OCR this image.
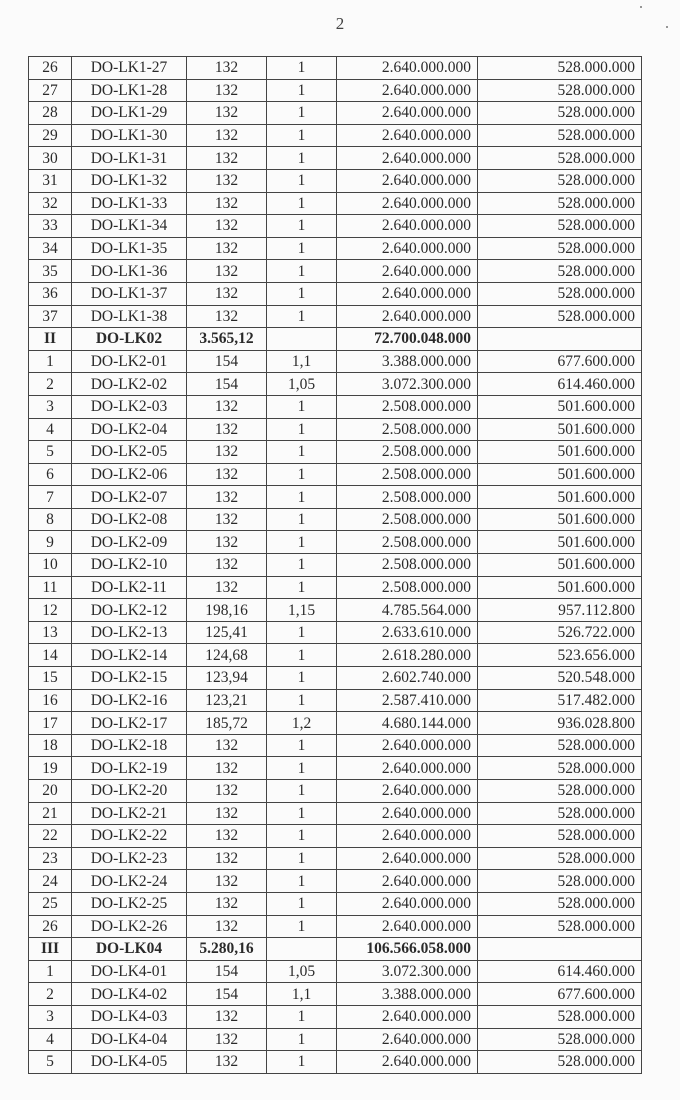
2
26	DO-LK1-27	132	1	2.640.000.000	528.000.000
27	DO-LK1-28	132	1	2.640.000.000	528.000.000
28	DO-LK1-29	132	1	2.640.000.000	528.000.000
29	DO-LK1-30	132	1	2.640.000.000	528.000.000
30	DO-LK1-31	132	1	2.640.000.000	528.000.000
31	DO-LK1-32	132	1	2.640.000.000	528.000.000
32	DO-LK1-33	132	1	2.640.000.000	528.000.000
33	DO-LK1-34	132	1	2.640.000.000	528.000.000
34	DO-LK1-35	132	1	2.640.000.000	528.000.000
35	DO-LK1-36	132	1	2.640.000.000	528.000.000
36	DO-LK1-37	132	1	2.640.000.000	528.000.000
37	DO-LK1-38	132	1	2.640.000.000	528.000.000
II	DO-LK02	3.565,12		72.700.048.000	
1	DO-LK2-01	154	1,1	3.388.000.000	677.600.000
2	DO-LK2-02	154	1,05	3.072.300.000	614.460.000
3	DO-LK2-03	132	1	2.508.000.000	501.600.000
4	DO-LK2-04	132	1	2.508.000.000	501.600.000
5	DO-LK2-05	132	1	2.508.000.000	501.600.000
6	DO-LK2-06	132	1	2.508.000.000	501.600.000
7	DO-LK2-07	132	1	2.508.000.000	501.600.000
8	DO-LK2-08	132	1	2.508.000.000	501.600.000
9	DO-LK2-09	132	1	2.508.000.000	501.600.000
10	DO-LK2-10	132	1	2.508.000.000	501.600.000
11	DO-LK2-11	132	1	2.508.000.000	501.600.000
12	DO-LK2-12	198,16	1,15	4.785.564.000	957.112.800
13	DO-LK2-13	125,41	1	2.633.610.000	526.722.000
14	DO-LK2-14	124,68	1	2.618.280.000	523.656.000
15	DO-LK2-15	123,94	1	2.602.740.000	520.548.000
16	DO-LK2-16	123,21	1	2.587.410.000	517.482.000
17	DO-LK2-17	185,72	1,2	4.680.144.000	936.028.800
18	DO-LK2-18	132	1	2.640.000.000	528.000.000
19	DO-LK2-19	132	1	2.640.000.000	528.000.000
20	DO-LK2-20	132	1	2.640.000.000	528.000.000
21	DO-LK2-21	132	1	2.640.000.000	528.000.000
22	DO-LK2-22	132	1	2.640.000.000	528.000.000
23	DO-LK2-23	132	1	2.640.000.000	528.000.000
24	DO-LK2-24	132	1	2.640.000.000	528.000.000
25	DO-LK2-25	132	1	2.640.000.000	528.000.000
26	DO-LK2-26	132	1	2.640.000.000	528.000.000
III	DO-LK04	5.280,16		106.566.058.000	
1	DO-LK4-01	154	1,05	3.072.300.000	614.460.000
2	DO-LK4-02	154	1,1	3.388.000.000	677.600.000
3	DO-LK4-03	132	1	2.640.000.000	528.000.000
4	DO-LK4-04	132	1	2.640.000.000	528.000.000
5	DO-LK4-05	132	1	2.640.000.000	528.000.000
